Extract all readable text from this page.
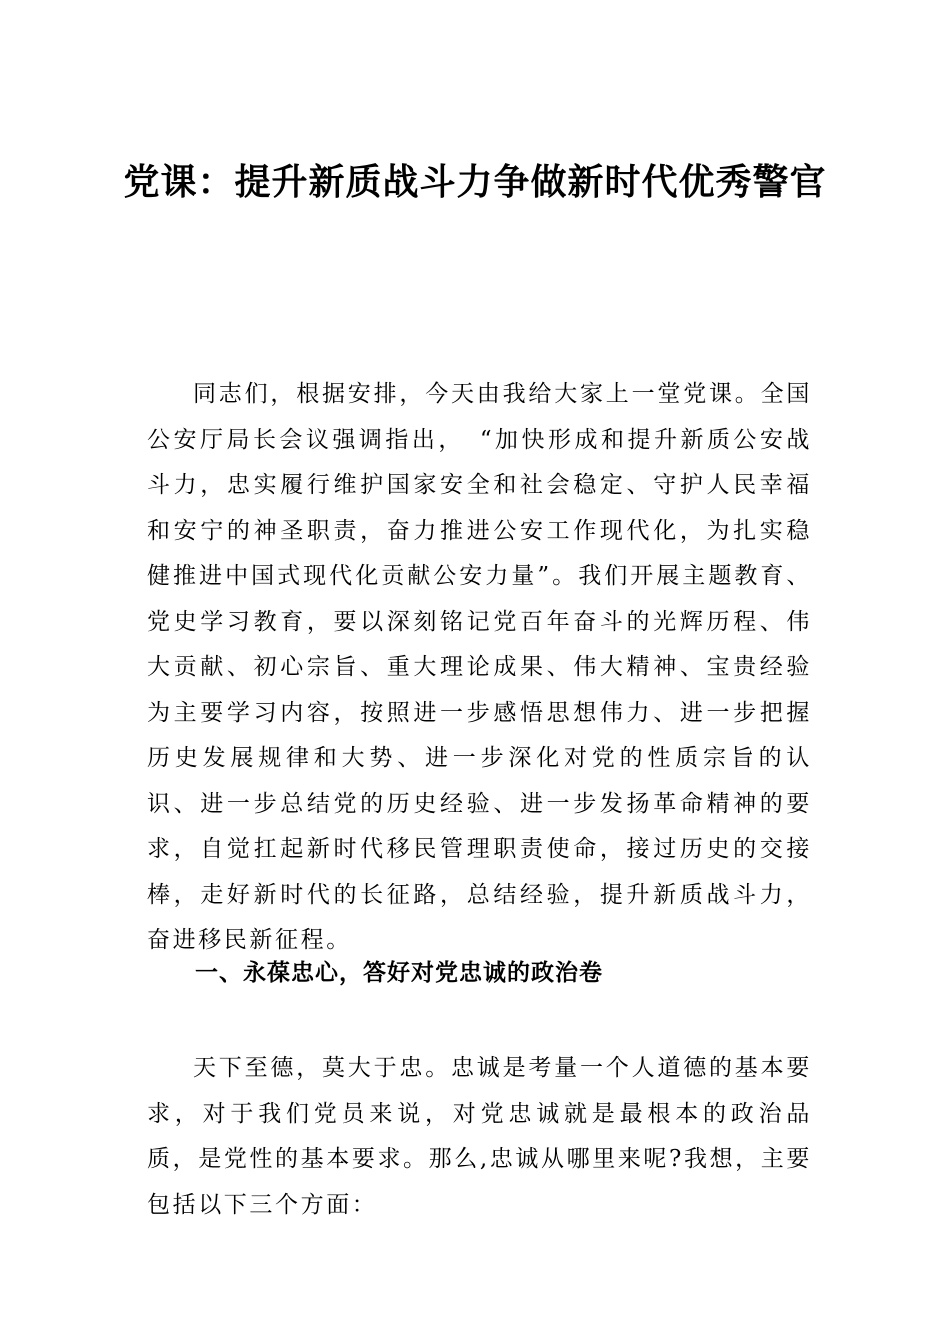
党课：提升新质战斗力争做新时代优秀警官

同志们，根据安排，今天由我给大家上一堂党课。全国公安厅局长会议强调指出，　“加快形成和提升新质公安战斗力，忠实履行维护国家安全和社会稳定、守护人民幸福和安宁的神圣职责，奋力推进公安工作现代化，为扎实稳健推进中国式现代化贡献公安力量”。我们开展主题教育、党史学习教育，要以深刻铭记党百年奋斗的光辉历程、伟大贡献、初心宗旨、重大理论成果、伟大精神、宝贵经验为主要学习内容，按照进一步感悟思想伟力、进一步把握历史发展规律和大势、进一步深化对党的性质宗旨的认识、进一步总结党的历史经验、进一步发扬革命精神的要求，自觉扛起新时代移民管理职责使命，接过历史的交接棒，走好新时代的长征路，总结经验，提升新质战斗力，奋进移民新征程。

一、永葆忠心，答好对党忠诚的政治卷

天下至德，莫大于忠。忠诚是考量一个人道德的基本要求，对于我们党员来说，对党忠诚就是最根本的政治品质，是党性的基本要求。那么,忠诚从哪里来呢?我想，主要包括以下三个方面：
